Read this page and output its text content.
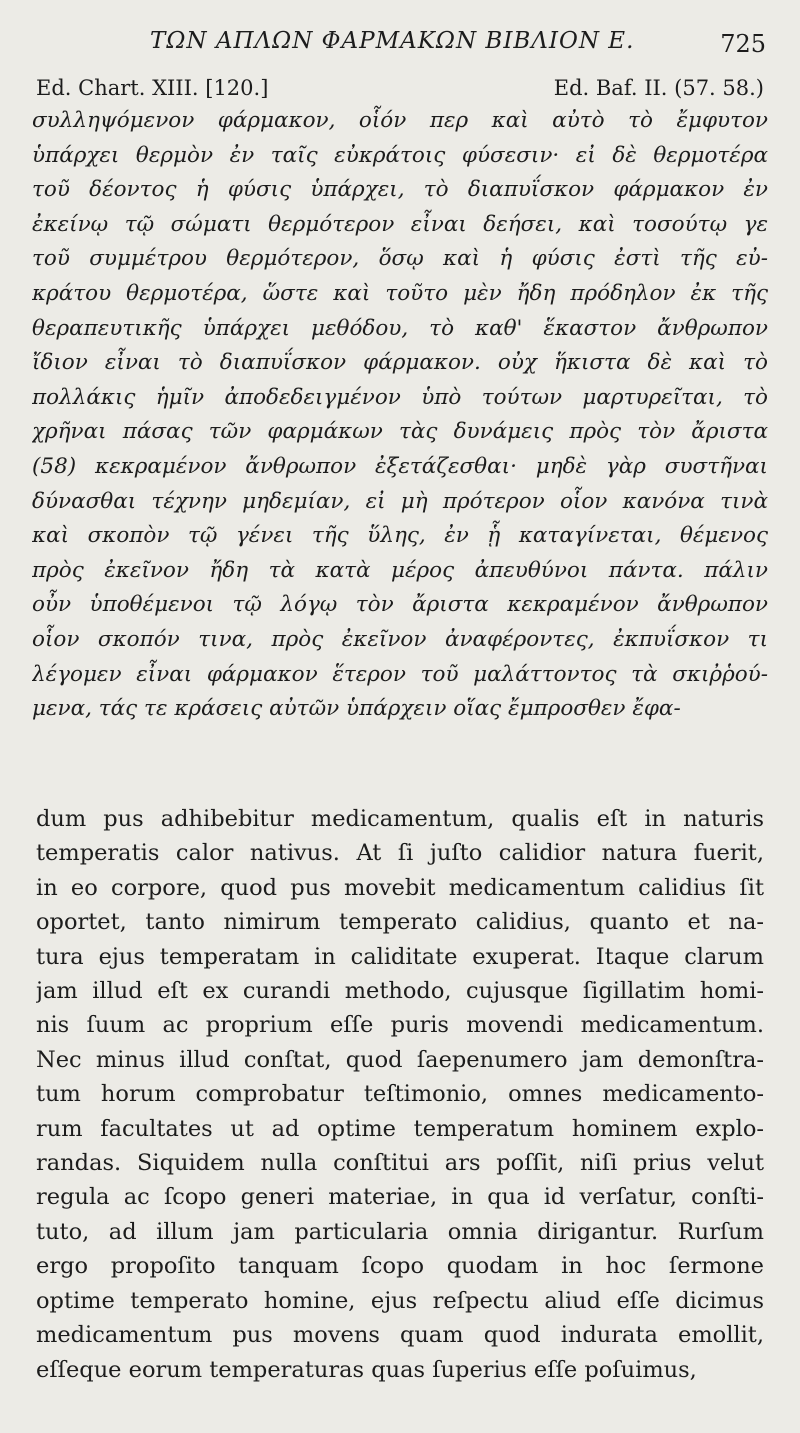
ΤΩΝ ΑΠΛΩΝ ΦΑΡΜΑΚΩΝ ΒΙΒΛΙΟΝ Ε.	725
Ed. Chart. XIII. [120.]	Ed. Baf. II. (57. 58.)
συλληψόμενον φάρμακον, οἷόν περ καὶ αὐτὸ τὸ ἔμφυτον
ὑπάρχει θερμὸν ἐν ταῖς εὐκράτοις φύσεσιν· εἰ δὲ θερμοτέρα
τοῦ δέοντος ἡ φύσις ὑπάρχει, τὸ διαπυΐσκον φάρμακον ἐν
ἐκείνῳ τῷ σώματι θερμότερον εἶναι δεήσει, καὶ τοσούτῳ γε
τοῦ συμμέτρου θερμότερον, ὅσῳ καὶ ἡ φύσις ἐστὶ τῆς εὐ-
κράτου θερμοτέρα, ὥστε καὶ τοῦτο μὲν ἤδη πρόδηλον ἐκ τῆς
θεραπευτικῆς ὑπάρχει μεθόδου, τὸ καθ' ἕκαστον ἄνθρωπον
ἴδιον εἶναι τὸ διαπυΐσκον φάρμακον. οὐχ ἥκιστα δὲ καὶ τὸ
πολλάκις ἡμῖν ἀποδεδειγμένον ὑπὸ τούτων μαρτυρεῖται, τὸ
χρῆναι πάσας τῶν φαρμάκων τὰς δυνάμεις πρὸς τὸν ἄριστα
(58) κεκραμένον ἄνθρωπον ἐξετάζεσθαι· μηδὲ γὰρ συστῆναι
δύνασθαι τέχνην μηδεμίαν, εἰ μὴ πρότερον οἷον κανόνα τινὰ
καὶ σκοπὸν τῷ γένει τῆς ὕλης, ἐν ᾗ καταγίνεται, θέμενος
πρὸς ἐκεῖνον ἤδη τὰ κατὰ μέρος ἀπευθύνοι πάντα. πάλιν
οὖν ὑποθέμενοι τῷ λόγῳ τὸν ἄριστα κεκραμένον ἄνθρωπον
οἷον σκοπόν τινα, πρὸς ἐκεῖνον ἀναφέροντες, ἐκπυΐσκον τι
λέγομεν εἶναι φάρμακον ἕτερον τοῦ μαλάττοντος τὰ σκιῤῥού-
μενα, τάς τε κράσεις αὐτῶν ὑπάρχειν οἵας ἔμπροσθεν ἔφα-
dum pus adhibebitur medicamentum, qualis eſt in naturis
temperatis calor nativus. At ſi juſto calidior natura fuerit,
in eo corpore, quod pus movebit medicamentum calidius ſit
oportet, tanto nimirum temperato calidius, quanto et na-
tura ejus temperatam in caliditate exuperat. Itaque clarum
jam illud eſt ex curandi methodo, cujusque ſigillatim homi-
nis ſuum ac proprium eſſe puris movendi medicamentum.
Nec minus illud conſtat, quod ſaepenumero jam demonſtra-
tum horum comprobatur teſtimonio, omnes medicamento-
rum facultates ut ad optime temperatum hominem explo-
randas. Siquidem nulla conſtitui ars poſſit, niſi prius velut
regula ac ſcopo generi materiae, in qua id verſatur, conſti-
tuto, ad illum jam particularia omnia dirigantur. Rurſum
ergo propoſito tanquam ſcopo quodam in hoc ſermone
optime temperato homine, ejus reſpectu aliud eſſe dicimus
medicamentum pus movens quam quod indurata emollit,
eſſeque eorum temperaturas quas ſuperius eſſe poſuimus,
